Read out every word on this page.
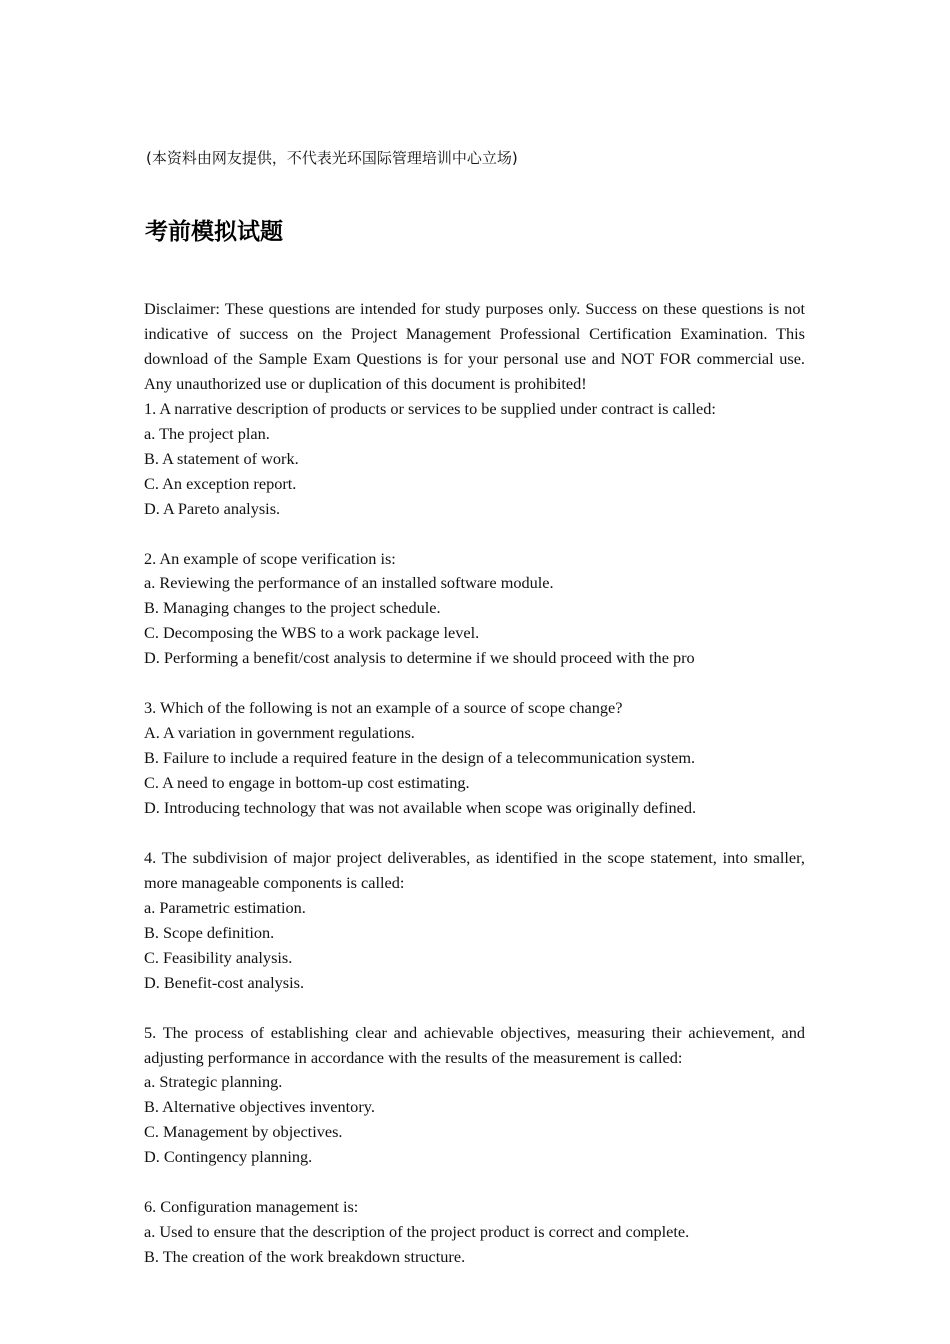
(本资料由网友提供，不代表光环国际管理培训中心立场)
考前模拟试题

Disclaimer: These questions are intended for study purposes only. Success on these questions is not indicative of success on the Project Management Professional Certification Examination. This download of the Sample Exam Questions is for your personal use and NOT FOR commercial use. Any unauthorized use or duplication of this document is prohibited!

1. A narrative description of products or services to be supplied under contract is called:

a. The project plan.

B. A statement of work.

C. An exception report.

D. A Pareto analysis.

2. An example of scope verification is:

a. Reviewing the performance of an installed software module.

B. Managing changes to the project schedule.

C. Decomposing the WBS to a work package level.

D. Performing a benefit/cost analysis to determine if we should proceed with the pro

3. Which of the following is not an example of a source of scope change?

A. A variation in government regulations.

B. Failure to include a required feature in the design of a telecommunication system.

C. A need to engage in bottom-up cost estimating.

D. Introducing technology that was not available when scope was originally defined.

4. The subdivision of major project deliverables, as identified in the scope statement, into smaller, more manageable components is called:

a. Parametric estimation.

B. Scope definition.

C. Feasibility analysis.

D. Benefit-cost analysis.

5. The process of establishing clear and achievable objectives, measuring their achievement, and adjusting performance in accordance with the results of the measurement is called:

a. Strategic planning.

B. Alternative objectives inventory.

C. Management by objectives.

D. Contingency planning.

6. Configuration management is:

a. Used to ensure that the description of the project product is correct and complete.

B. The creation of the work breakdown structure.
